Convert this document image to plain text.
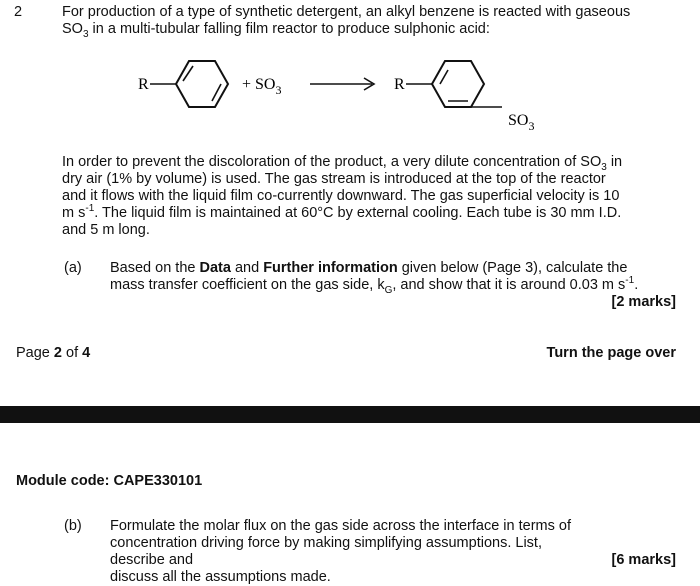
2	For production of a type of synthetic detergent, an alkyl benzene is reacted with gaseous
$SO_3$ in a multi-tubular falling film reactor to produce sulphonic acid:
R	+ $SO_3$	R
$SO_3$
In order to prevent the discoloration of the product, a very dilute concentration of $SO_3$ in
dry air (1% by volume) is used. The gas stream is introduced at the top of the reactor
and it flows with the liquid film co-currently downward. The gas superficial velocity is 10
m $s^{-1}$. The liquid film is maintained at 60°C by external cooling. Each tube is 30 mm I.D.
and 5 m long.
(a) Based on the Data and Further information given below (Page 3), calculate the
mass transfer coefficient on the gas side, $k_G$, and show that it is around 0.03 m $s^{-1}$.
[2 marks]
Page 2 of 4	Turn the page over
Module code: CAPE330101
(b) Formulate the molar flux on the gas side across the interface in terms of
concentration driving force by making simplifying assumptions. List, describe and
discuss all the assumptions made.
[6 marks]
